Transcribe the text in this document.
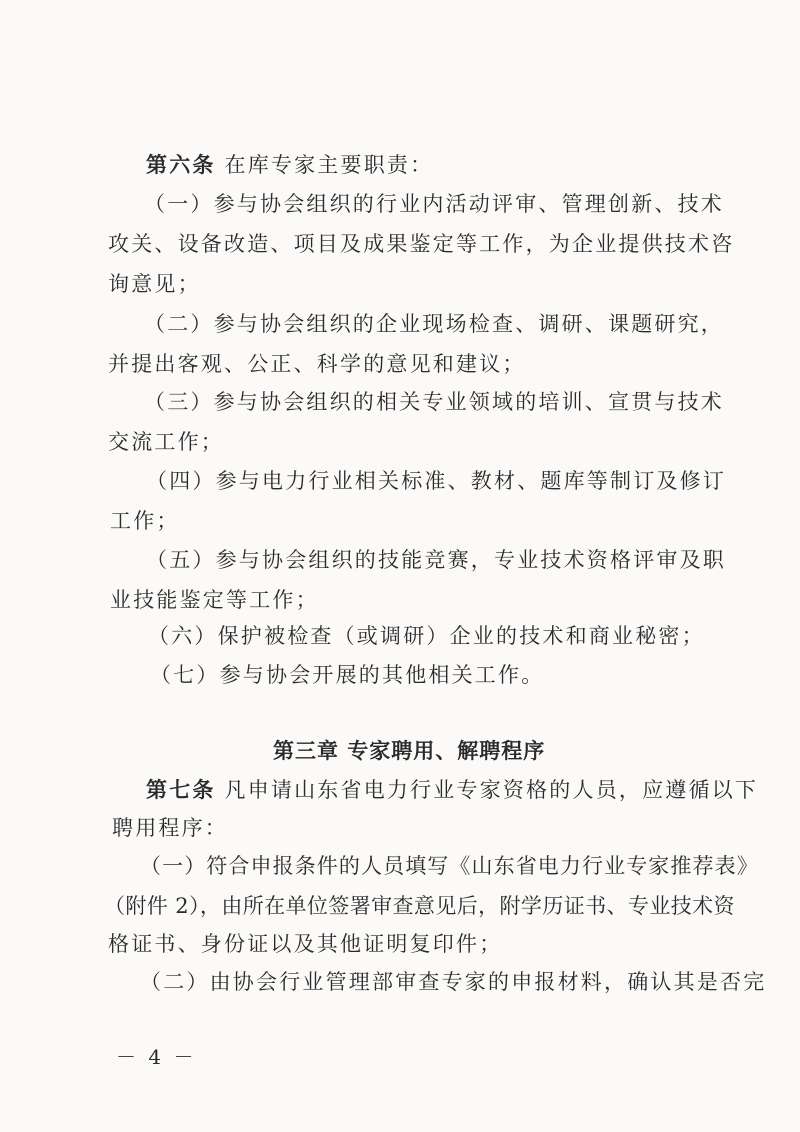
第六条 在库专家主要职责：
（一）参与协会组织的行业内活动评审、管理创新、技术
攻关、设备改造、项目及成果鉴定等工作，为企业提供技术咨
询意见；
（二）参与协会组织的企业现场检查、调研、课题研究，
并提出客观、公正、科学的意见和建议；
（三）参与协会组织的相关专业领域的培训、宣贯与技术
交流工作；
（四）参与电力行业相关标准、教材、题库等制订及修订
工作；
（五）参与协会组织的技能竞赛，专业技术资格评审及职
业技能鉴定等工作；
（六）保护被检查（或调研）企业的技术和商业秘密；
（七）参与协会开展的其他相关工作。
第三章 专家聘用、解聘程序
第七条 凡申请山东省电力行业专家资格的人员，应遵循以下
聘用程序：
（一）符合申报条件的人员填写《山东省电力行业专家推荐表》
（附件 2），由所在单位签署审查意见后，附学历证书、专业技术资
格证书、身份证以及其他证明复印件；
（二）由协会行业管理部审查专家的申报材料，确认其是否完
－ 4 －
